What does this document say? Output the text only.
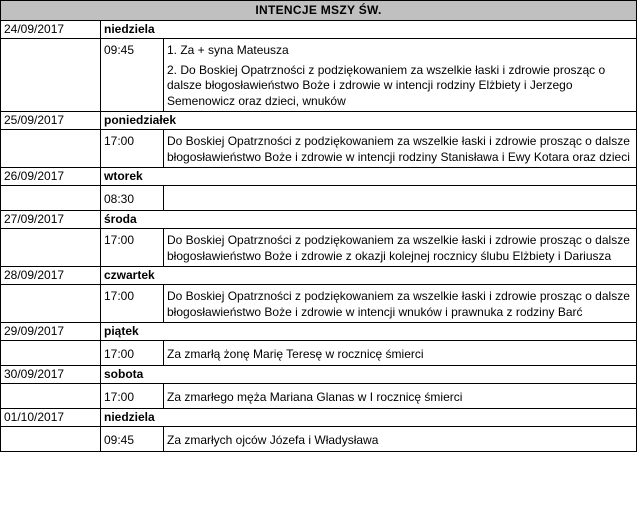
INTENCJE MSZY ŚW.		
24/09/2017	niedziela	
	09:45	1. Za + syna Mateusza
2. Do Boskiej Opatrzności z podziękowaniem za wszelkie łaski i zdrowie prosząc o dalsze błogosławieństwo Boże i zdrowie w intencji rodziny Elżbiety i Jerzego Semenowicz oraz dzieci, wnuków

25/09/2017	poniedziałek	
	17:00	Do Boskiej Opatrzności z podziękowaniem za wszelkie łaski i zdrowie prosząc o dalsze błogosławieństwo Boże i zdrowie w intencji rodziny Stanisława i Ewy Kotara oraz dzieci

26/09/2017	wtorek	
	08:30	
27/09/2017	środa	
	17:00	Do Boskiej Opatrzności z podziękowaniem za wszelkie łaski i zdrowie prosząc o dalsze błogosławieństwo Boże i zdrowie z okazji kolejnej rocznicy ślubu Elżbiety i Dariusza

28/09/2017	czwartek	
	17:00	Do Boskiej Opatrzności z podziękowaniem za wszelkie łaski i zdrowie prosząc o dalsze błogosławieństwo Boże i zdrowie w intencji wnuków i prawnuka z rodziny Barć

29/09/2017	piątek	
	17:00	Za zmarłą żonę Marię Teresę w rocznicę śmierci
30/09/2017	sobota	
	17:00	Za zmarłego męża Mariana Glanas w I rocznicę śmierci
01/10/2017	niedziela	
	09:45	Za zmarłych ojców Józefa i Władysława
